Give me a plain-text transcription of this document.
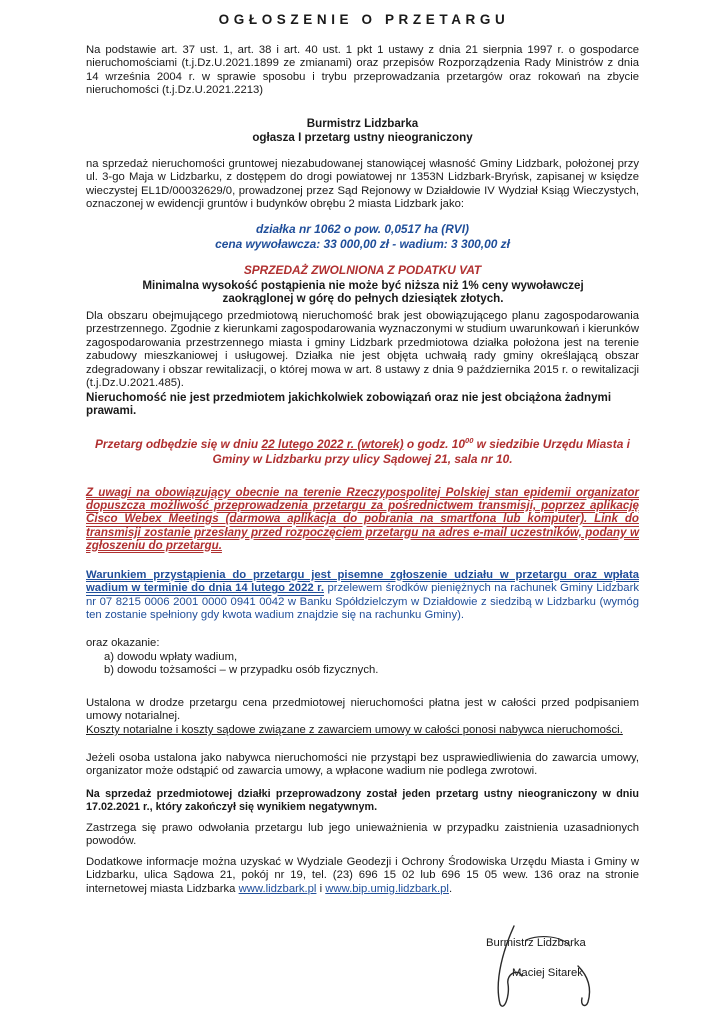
OGŁOSZENIE O PRZETARGU
Na podstawie art. 37 ust. 1, art. 38 i art. 40 ust. 1 pkt 1 ustawy z dnia 21 sierpnia 1997 r. o gospodarce nieruchomościami (t.j.Dz.U.2021.1899 ze zmianami) oraz przepisów Rozporządzenia Rady Ministrów z dnia 14 września 2004 r. w sprawie sposobu i trybu przeprowadzania przetargów oraz rokowań na zbycie nieruchomości (t.j.Dz.U.2021.2213)
Burmistrz Lidzbarka
ogłasza I przetarg ustny nieograniczony
na sprzedaż nieruchomości gruntowej niezabudowanej stanowiącej własność Gminy Lidzbark, położonej przy ul. 3-go Maja w Lidzbarku, z dostępem do drogi powiatowej nr 1353N Lidzbark-Bryńsk, zapisanej w księdze wieczystej EL1D/00032629/0, prowadzonej przez Sąd Rejonowy w Działdowie IV Wydział Ksiąg Wieczystych, oznaczonej w ewidencji gruntów i budynków obrębu 2 miasta Lidzbark jako:
działka nr 1062 o pow. 0,0517 ha (RVI)
cena wywoławcza: 33 000,00 zł - wadium: 3 300,00 zł
SPRZEDAŻ ZWOLNIONA Z PODATKU VAT
Minimalna wysokość postąpienia nie może być niższa niż 1% ceny wywoławczej zaokrąglonej w górę do pełnych dziesiątek złotych.
Dla obszaru obejmującego przedmiotową nieruchomość brak jest obowiązującego planu zagospodarowania przestrzennego. Zgodnie z kierunkami zagospodarowania wyznaczonymi w studium uwarunkowań i kierunków zagospodarowania przestrzennego miasta i gminy Lidzbark przedmiotowa działka położona jest na terenie zabudowy mieszkaniowej i usługowej. Działka nie jest objęta uchwałą rady gminy określającą obszar zdegradowany i obszar rewitalizacji, o której mowa w art. 8 ustawy z dnia 9 października 2015 r. o rewitalizacji (t.j.Dz.U.2021.485).
Nieruchomość nie jest przedmiotem jakichkolwiek zobowiązań oraz nie jest obciążona żadnymi prawami.
Przetarg odbędzie się w dniu 22 lutego 2022 r. (wtorek) o godz. $10^{00}$ w siedzibie Urzędu Miasta i Gminy w Lidzbarku przy ulicy Sądowej 21, sala nr 10.
Z uwagi na obowiązujący obecnie na terenie Rzeczypospolitej Polskiej stan epidemii organizator dopuszcza możliwość przeprowadzenia przetargu za pośrednictwem transmisji, poprzez aplikację Cisco Webex Meetings (darmowa aplikacja do pobrania na smartfona lub komputer). Link do transmisji zostanie przesłany przed rozpoczęciem przetargu na adres e-mail uczestników, podany w zgłoszeniu do przetargu.
Warunkiem przystąpienia do przetargu jest pisemne zgłoszenie udziału w przetargu oraz wpłata wadium w terminie do dnia 14 lutego 2022 r. przelewem środków pieniężnych na rachunek Gminy Lidzbark nr 07 8215 0006 2001 0000 0941 0042 w Banku Spółdzielczym w Działdowie z siedzibą w Lidzbarku (wymóg ten zostanie spełniony gdy kwota wadium znajdzie się na rachunku Gminy).
oraz okazanie:
a) dowodu wpłaty wadium,
b) dowodu tożsamości – w przypadku osób fizycznych.
Ustalona w drodze przetargu cena przedmiotowej nieruchomości płatna jest w całości przed podpisaniem umowy notarialnej.
Koszty notarialne i koszty sądowe związane z zawarciem umowy w całości ponosi nabywca nieruchomości.
Jeżeli osoba ustalona jako nabywca nieruchomości nie przystąpi bez usprawiedliwienia do zawarcia umowy, organizator może odstąpić od zawarcia umowy, a wpłacone wadium nie podlega zwrotowi.
Na sprzedaż przedmiotowej działki przeprowadzony został jeden przetarg ustny nieograniczony w dniu 17.02.2021 r., który zakończył się wynikiem negatywnym.
Zastrzega się prawo odwołania przetargu lub jego unieważnienia w przypadku zaistnienia uzasadnionych powodów.
Dodatkowe informacje można uzyskać w Wydziale Geodezji i Ochrony Środowiska Urzędu Miasta i Gminy w Lidzbarku, ulica Sądowa 21, pokój nr 19, tel. (23) 696 15 02 lub 696 15 05 wew. 136 oraz na stronie internetowej miasta Lidzbarka www.lidzbark.pl i www.bip.umig.lidzbark.pl.
Burmistrz Lidzbarka
Maciej Sitarek
